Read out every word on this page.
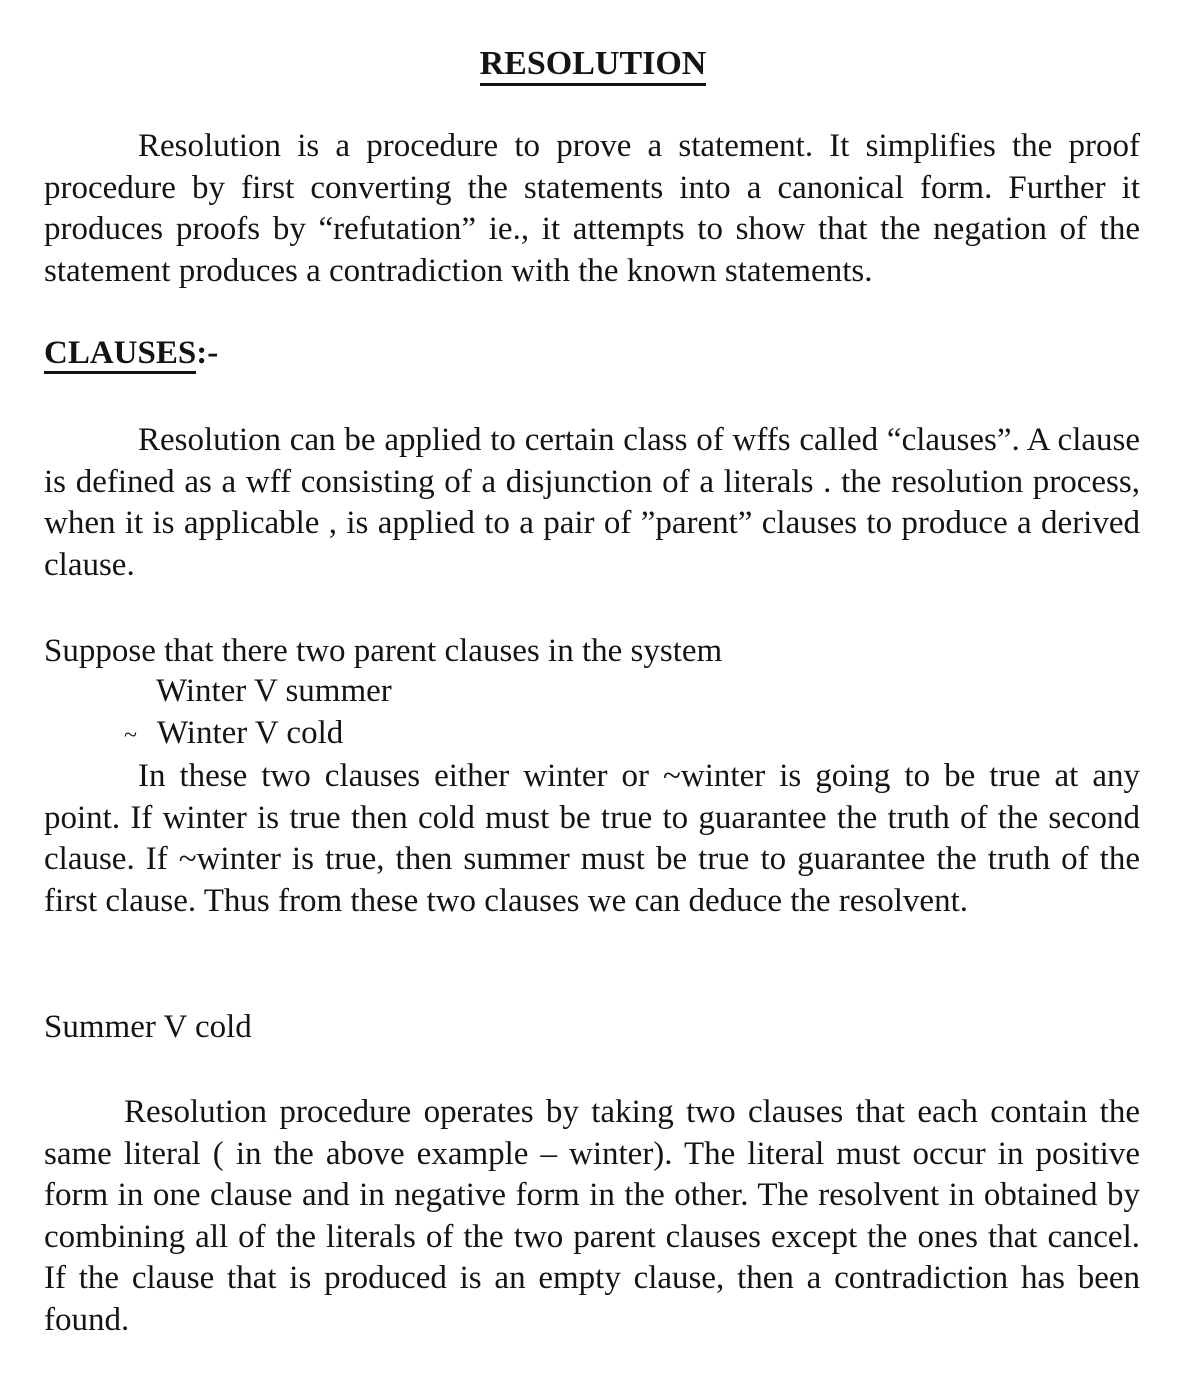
RESOLUTION

Resolution is a procedure to prove a statement. It simplifies the proof procedure by first converting the statements into a canonical form. Further it produces proofs by “refutation” ie., it attempts to show that the negation of the statement produces a contradiction with the known statements.

CLAUSES:-

Resolution can be applied to certain class of wffs called “clauses”. A clause is defined as a wff consisting of a disjunction of a literals . the resolution process, when it is applicable , is applied to a pair of ”parent” clauses to produce a derived clause.

Suppose that there two parent clauses in the system
Winter V summer
~ Winter V cold

In these two clauses either winter or ~winter is going to be true at any point. If winter is true then cold must be true to guarantee the truth of the second clause. If ~winter is true, then summer must be true to guarantee the truth of the first clause. Thus from these two clauses we can deduce the resolvent.

Summer V cold

Resolution procedure operates by taking two clauses that each contain the same literal ( in the above example – winter). The literal must occur in positive form in one clause and in negative form in the other. The resolvent in obtained by combining all of the literals of the two parent clauses except the ones that cancel. If the clause that is produced is an empty clause, then a contradiction has been found.
